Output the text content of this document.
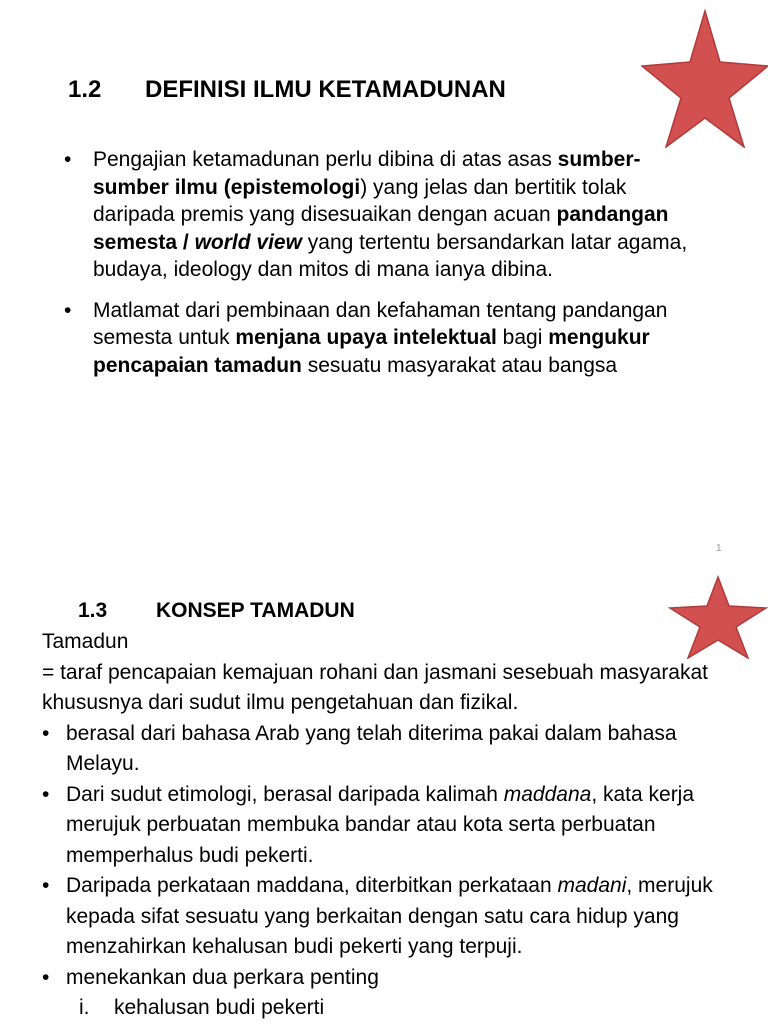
1.2 DEFINISI ILMU KETAMADUNAN
• Pengajian ketamadunan perlu dibina di atas asas sumber-sumber ilmu (epistemologi) yang jelas dan bertitik tolak daripada premis yang disesuaikan dengan acuan pandangan semesta / world view yang tertentu bersandarkan latar agama, budaya, ideology dan mitos di mana ianya dibina.
• Matlamat dari pembinaan dan kefahaman tentang pandangan semesta untuk menjana upaya intelektual bagi mengukur pencapaian tamadun sesuatu masyarakat atau bangsa
1
1.3 KONSEP TAMADUN

Tamadun

= taraf pencapaian kemajuan rohani dan jasmani sesebuah masyarakat khususnya dari sudut ilmu pengetahuan dan fizikal.

• berasal dari bahasa Arab yang telah diterima pakai dalam bahasa Melayu.
• Dari sudut etimologi, berasal daripada kalimah maddana, kata kerja merujuk perbuatan membuka bandar atau kota serta perbuatan memperhalus budi pekerti.
• Daripada perkataan maddana, diterbitkan perkataan madani, merujuk kepada sifat sesuatu yang berkaitan dengan satu cara hidup yang menzahirkan kehalusan budi pekerti yang terpuji.
• menekankan dua perkara penting
i. kehalusan budi pekerti
